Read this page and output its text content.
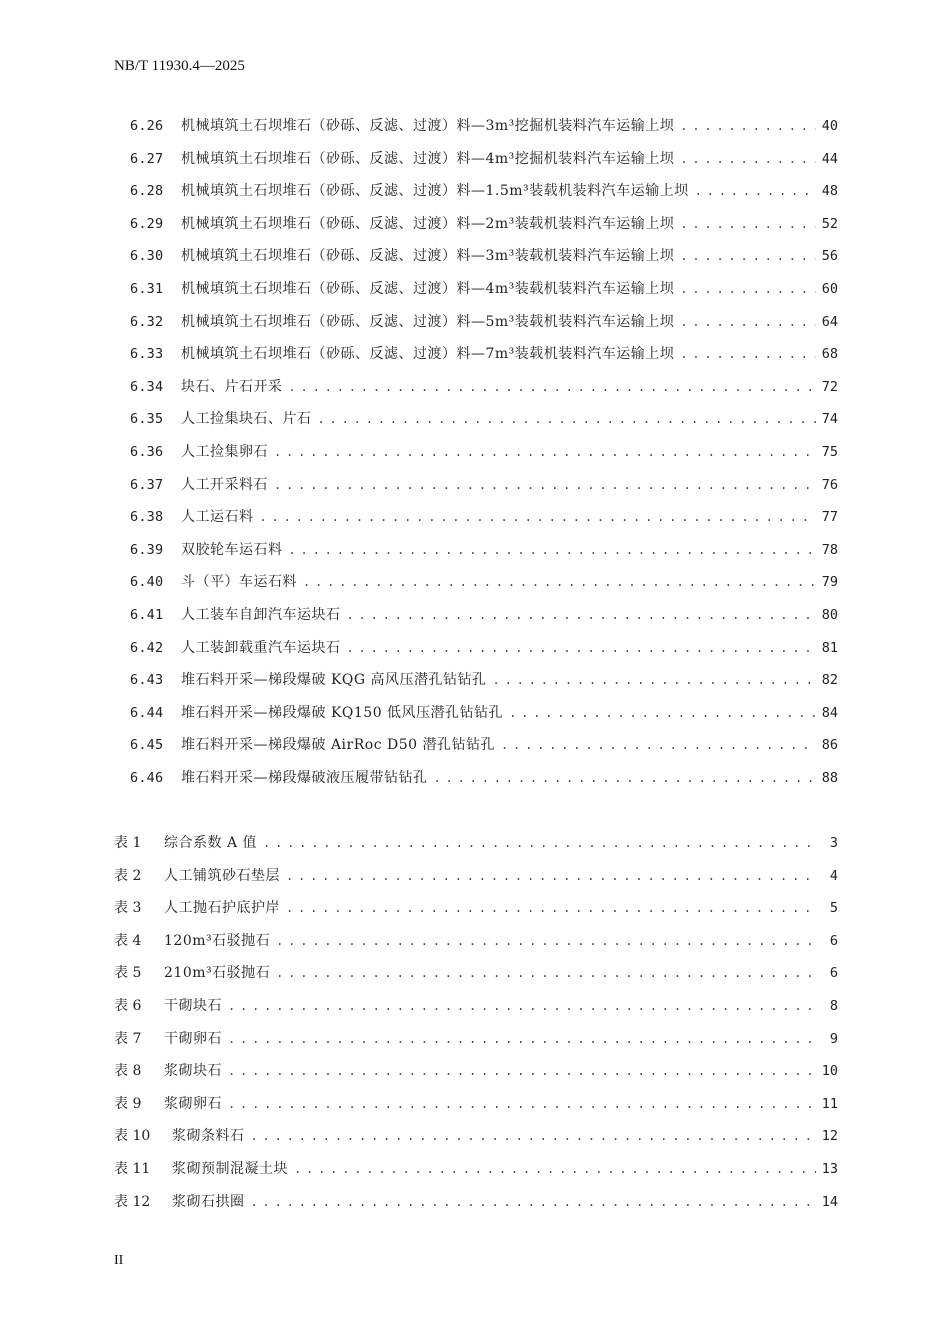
NB/T 11930.4—2025
6.26	机械填筑土石坝堆石（砂砾、反滤、过渡）料—3m³挖掘机装料汽车运输上坝 . . .	40
6.27	机械填筑土石坝堆石（砂砾、反滤、过渡）料—4m³挖掘机装料汽车运输上坝 . . .	44
6.28	机械填筑土石坝堆石（砂砾、反滤、过渡）料—1.5m³装载机装料汽车运输上坝 . . .	48
6.29	机械填筑土石坝堆石（砂砾、反滤、过渡）料—2m³装载机装料汽车运输上坝 . . .	52
6.30	机械填筑土石坝堆石（砂砾、反滤、过渡）料—3m³装载机装料汽车运输上坝 . . .	56
6.31	机械填筑土石坝堆石（砂砾、反滤、过渡）料—4m³装载机装料汽车运输上坝 . . .	60
6.32	机械填筑土石坝堆石（砂砾、反滤、过渡）料—5m³装载机装料汽车运输上坝 . . .	64
6.33	机械填筑土石坝堆石（砂砾、反滤、过渡）料—7m³装载机装料汽车运输上坝 . . .	68
6.34	块石、片石开采 . . .	72
6.35	人工捡集块石、片石 . . .	74
6.36	人工捡集卵石 . . .	75
6.37	人工开采料石 . . .	76
6.38	人工运石料 . . .	77
6.39	双胶轮车运石料 . . .	78
6.40	斗（平）车运石料 . . .	79
6.41	人工装车自卸汽车运块石 . . .	80
6.42	人工装卸载重汽车运块石 . . .	81
6.43	堆石料开采—梯段爆破 KQG 高风压潜孔钻钻孔 . . .	82
6.44	堆石料开采—梯段爆破 KQ150 低风压潜孔钻钻孔 . . .	84
6.45	堆石料开采—梯段爆破 AirRoc D50 潜孔钻钻孔 . . .	86
6.46	堆石料开采—梯段爆破液压履带钻钻孔 . . .	88
表 1	综合系数 A 值 . . .	3
表 2	人工铺筑砂石垫层 . . .	4
表 3	人工抛石护底护岸 . . .	5
表 4	120m³石驳抛石 . . .	6
表 5	210m³石驳抛石 . . .	6
表 6	干砌块石 . . .	8
表 7	干砌卵石 . . .	9
表 8	浆砌块石 . . .	10
表 9	浆砌卵石 . . .	11
表 10	浆砌条料石 . . .	12
表 11	浆砌预制混凝土块 . . .	13
表 12	浆砌石拱圈 . . .	14
II
